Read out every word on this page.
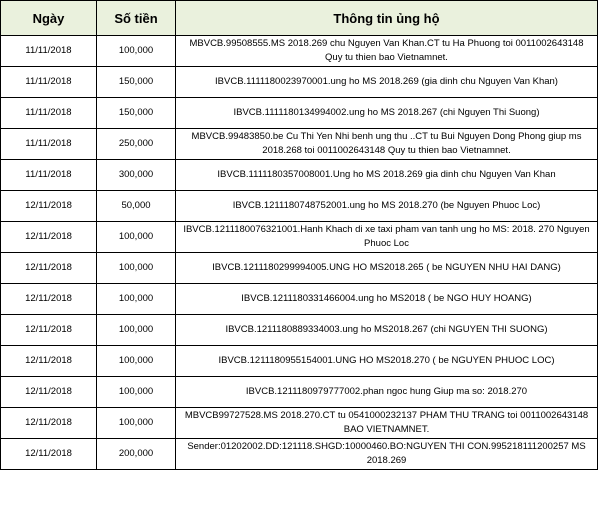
Ngày	Số tiền	Thông tin ủng hộ
11/11/2018	100,000	MBVCB.99508555.MS 2018.269 chu Nguyen Van Khan.CT tu Ha Phuong toi 0011002643148 Quy tu thien bao Vietnamnet.
11/11/2018	150,000	IBVCB.1111180023970001.ung ho MS 2018.269 (gia dinh chu Nguyen Van Khan)
11/11/2018	150,000	IBVCB.1111180134994002.ung ho MS 2018.267 (chi Nguyen Thi Suong)
11/11/2018	250,000	MBVCB.99483850.be Cu Thi Yen Nhi benh ung thu ..CT tu Bui Nguyen Dong Phong giup ms 2018.268 toi 0011002643148 Quy tu thien bao Vietnamnet.
11/11/2018	300,000	IBVCB.1111180357008001.Ung ho MS 2018.269 gia dinh chu Nguyen Van Khan
12/11/2018	50,000	IBVCB.1211180748752001.ung ho MS 2018.270 (be Nguyen Phuoc Loc)
12/11/2018	100,000	IBVCB.1211180076321001.Hanh Khach di xe taxi pham van tanh ung ho MS: 2018. 270 Nguyen Phuoc Loc
12/11/2018	100,000	IBVCB.1211180299994005.UNG HO MS2018.265 ( be NGUYEN NHU HAI DANG)
12/11/2018	100,000	IBVCB.1211180331466004.ung ho MS2018 ( be NGO HUY HOANG)
12/11/2018	100,000	IBVCB.1211180889334003.ung ho MS2018.267 (chi NGUYEN THI SUONG)
12/11/2018	100,000	IBVCB.1211180955154001.UNG HO MS2018.270 ( be NGUYEN PHUOC LOC)
12/11/2018	100,000	IBVCB.1211180979777002.phan ngoc hung Giup ma so: 2018.270
12/11/2018	100,000	MBVCB99727528.MS 2018.270.CT tu 0541000232137 PHAM THU TRANG toi 0011002643148 BAO VIETNAMNET.
12/11/2018	200,000	Sender:01202002.DD:121118.SHGD:10000460.BO:NGUYEN THI CON.995218111200257 MS 2018.269
